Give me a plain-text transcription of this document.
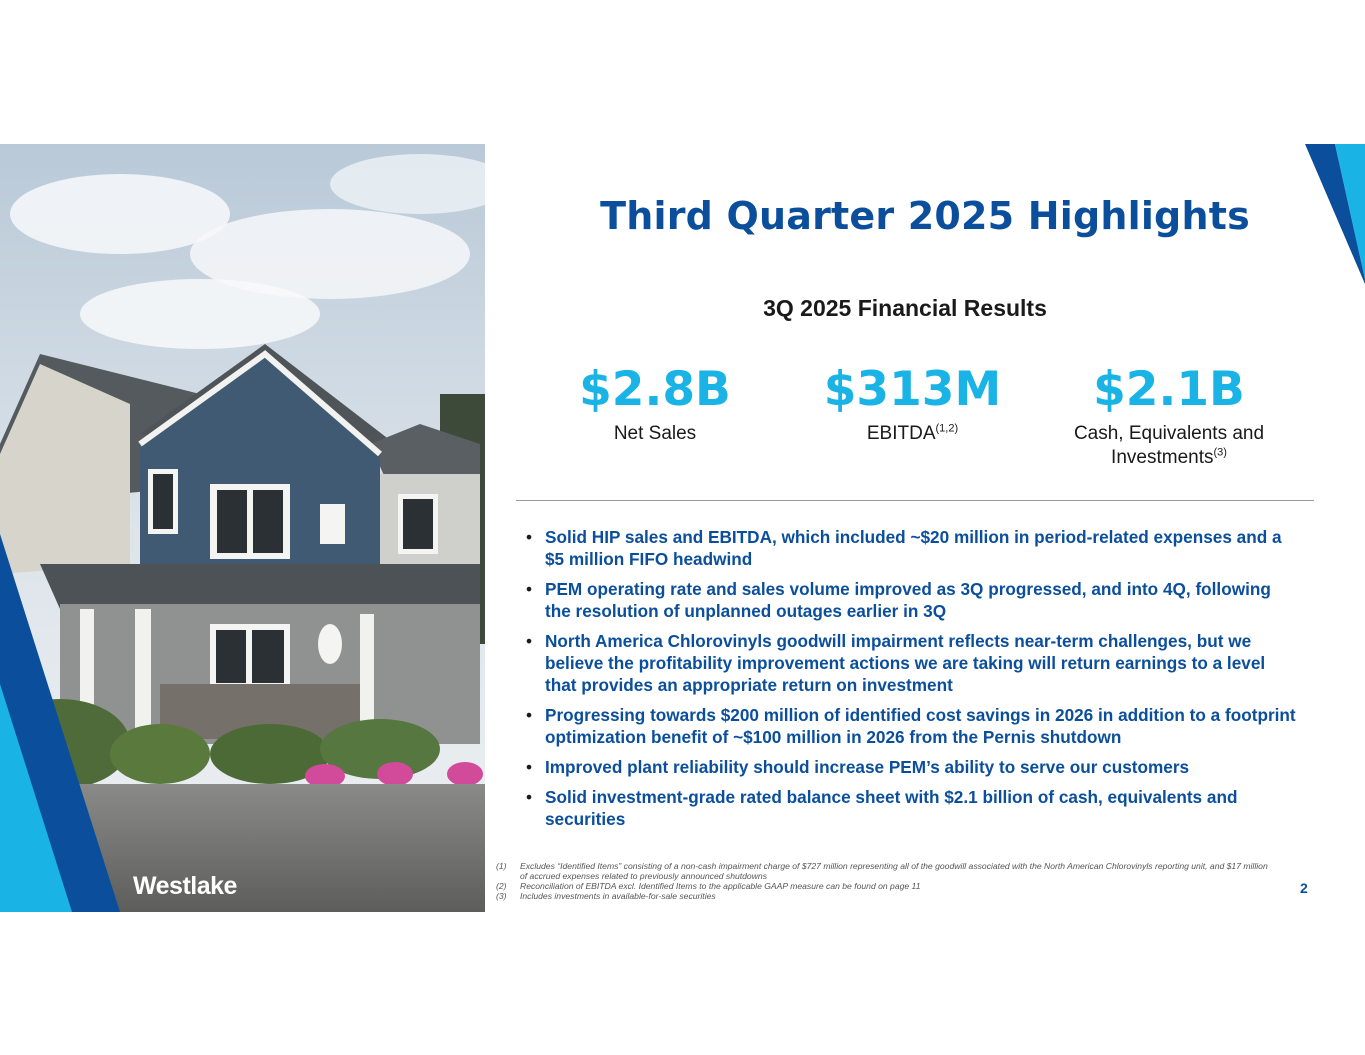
Westlake
Third Quarter 2025 Highlights
3Q 2025 Financial Results
$2.8B
Net Sales
$313M
EBITDA$^{(1,2)}$
$2.1B
Cash, Equivalents and
Investments$^{(3)}$
• Solid HIP sales and EBITDA, which included ~$20 million in period-related expenses and a $5 million FIFO headwind
• PEM operating rate and sales volume improved as 3Q progressed, and into 4Q, following the resolution of unplanned outages earlier in 3Q
• North America Chlorovinyls goodwill impairment reflects near-term challenges, but we believe the profitability improvement actions we are taking will return earnings to a level that provides an appropriate return on investment
• Progressing towards $200 million of identified cost savings in 2026 in addition to a footprint optimization benefit of ~$100 million in 2026 from the Pernis shutdown
• Improved plant reliability should increase PEM’s ability to serve our customers
• Solid investment-grade rated balance sheet with $2.1 billion of cash, equivalents and securities
(1) Excludes “Identified Items” consisting of a non-cash impairment charge of $727 million representing all of the goodwill associated with the North American Chlorovinyls reporting unit, and $17 million of accrued expenses related to previously announced shutdowns
(2) Reconciliation of EBITDA excl. Identified Items to the applicable GAAP measure can be found on page 11
(3) Includes investments in available-for-sale securities	2
